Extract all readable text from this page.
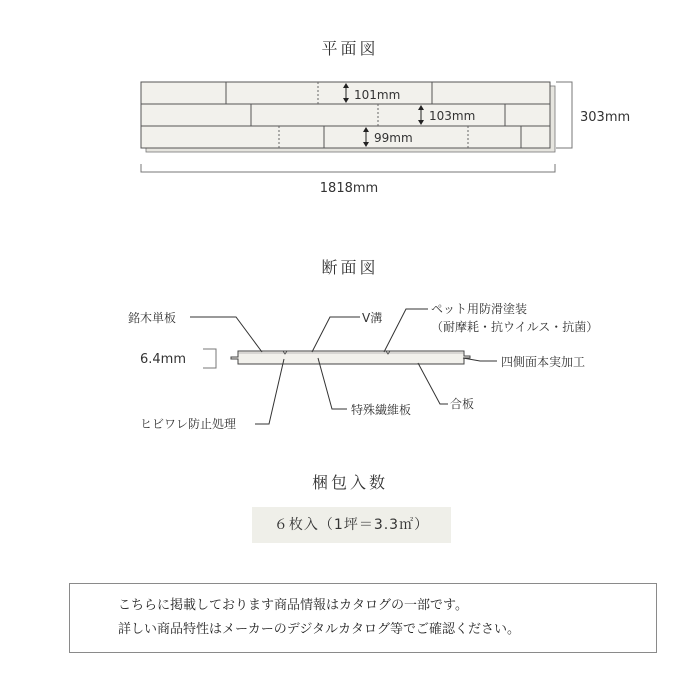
平面図
101mm
103mm
99mm
303mm
1818mm
断面図
6.4mm
銘木単板	V溝
ペット用防滑塗装
（耐摩耗・抗ウイルス・抗菌）
四側面本実加工
ヒビワレ防止処理
特殊繊維板	合板
梱包入数
６枚入（1坪＝3.3㎡）
こちらに掲載しております商品情報はカタログの一部です。
詳しい商品特性はメーカーのデジタルカタログ等でご確認ください。
